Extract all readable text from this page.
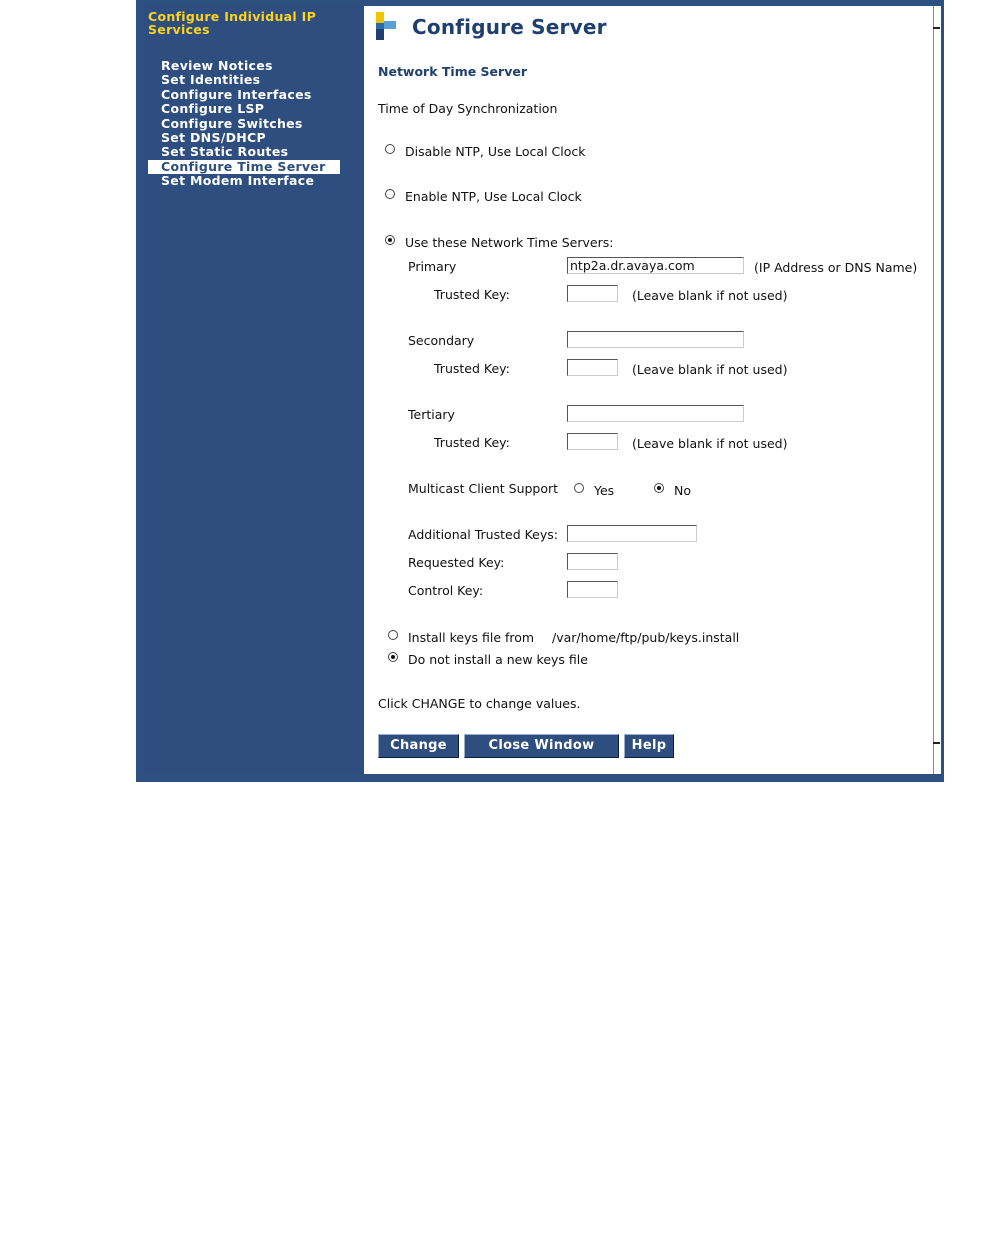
Configure Individual IP
Services
Review Notices
Set Identities
Configure Interfaces
Configure LSP
Configure Switches
Set DNS/DHCP
Set Static Routes
Configure Time Server
Set Modem Interface
Configure Server
Network Time Server
Time of Day Synchronization
Disable NTP, Use Local Clock
Enable NTP, Use Local Clock
Use these Network Time Servers:
Primary	ntp2a.dr.avaya.com	(IP Address or DNS Name)
Trusted Key:	(Leave blank if not used)
Secondary
Trusted Key:	(Leave blank if not used)
Tertiary
Trusted Key:	(Leave blank if not used)
Multicast Client Support	Yes	No
Additional Trusted Keys:
Requested Key:
Control Key:
Install keys file from /var/home/ftp/pub/keys.install
Do not install a new keys file
Click CHANGE to change values.
Change	Close Window	Help
